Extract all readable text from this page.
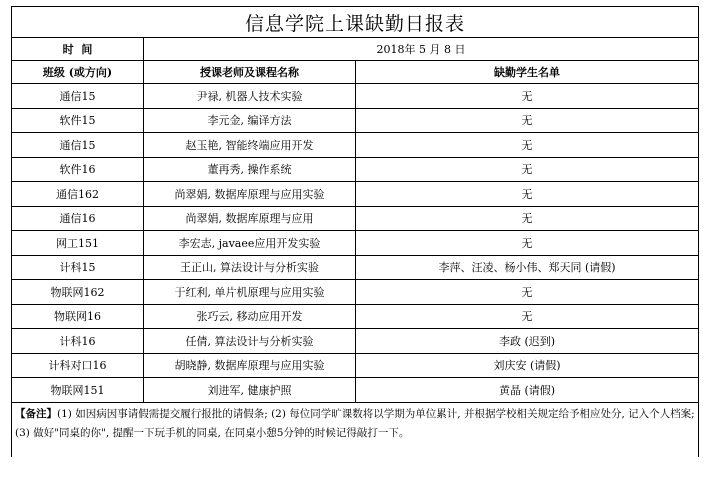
信息学院上课缺勤日报表		
时  间	2018年 5 月 8 日	
班级 (或方向)	授课老师及课程名称	缺勤学生名单
通信15	尹禄, 机器人技术实验	无
软件15	李元金, 编译方法	无
通信15	赵玉艳, 智能终端应用开发	无
软件16	董再秀, 操作系统	无
通信162	尚翠娟, 数据库原理与应用实验	无
通信16	尚翠娟, 数据库原理与应用	无
网工151	李宏志, javaee应用开发实验	无
计科15	王正山, 算法设计与分析实验	李萍、汪凌、杨小伟、郑天同 (请假)
物联网162	于红利, 单片机原理与应用实验	无
物联网16	张巧云, 移动应用开发	无
计科16	任倩, 算法设计与分析实验	李政 (迟到)
计科对口16	胡晓静, 数据库原理与应用实验	刘庆安 (请假)
物联网151	刘进军, 健康护照	黄晶 (请假)
【备注】(1) 如因病因事请假需提交履行报批的请假条; (2) 每位同学旷课数将以学期为单位累计, 并根据学校相关规定给予相应处分, 记入个人档案; (3) 做好"同桌的你", 提醒一下玩手机的同桌, 在同桌小憩5分钟的时候记得敲打一下。		
